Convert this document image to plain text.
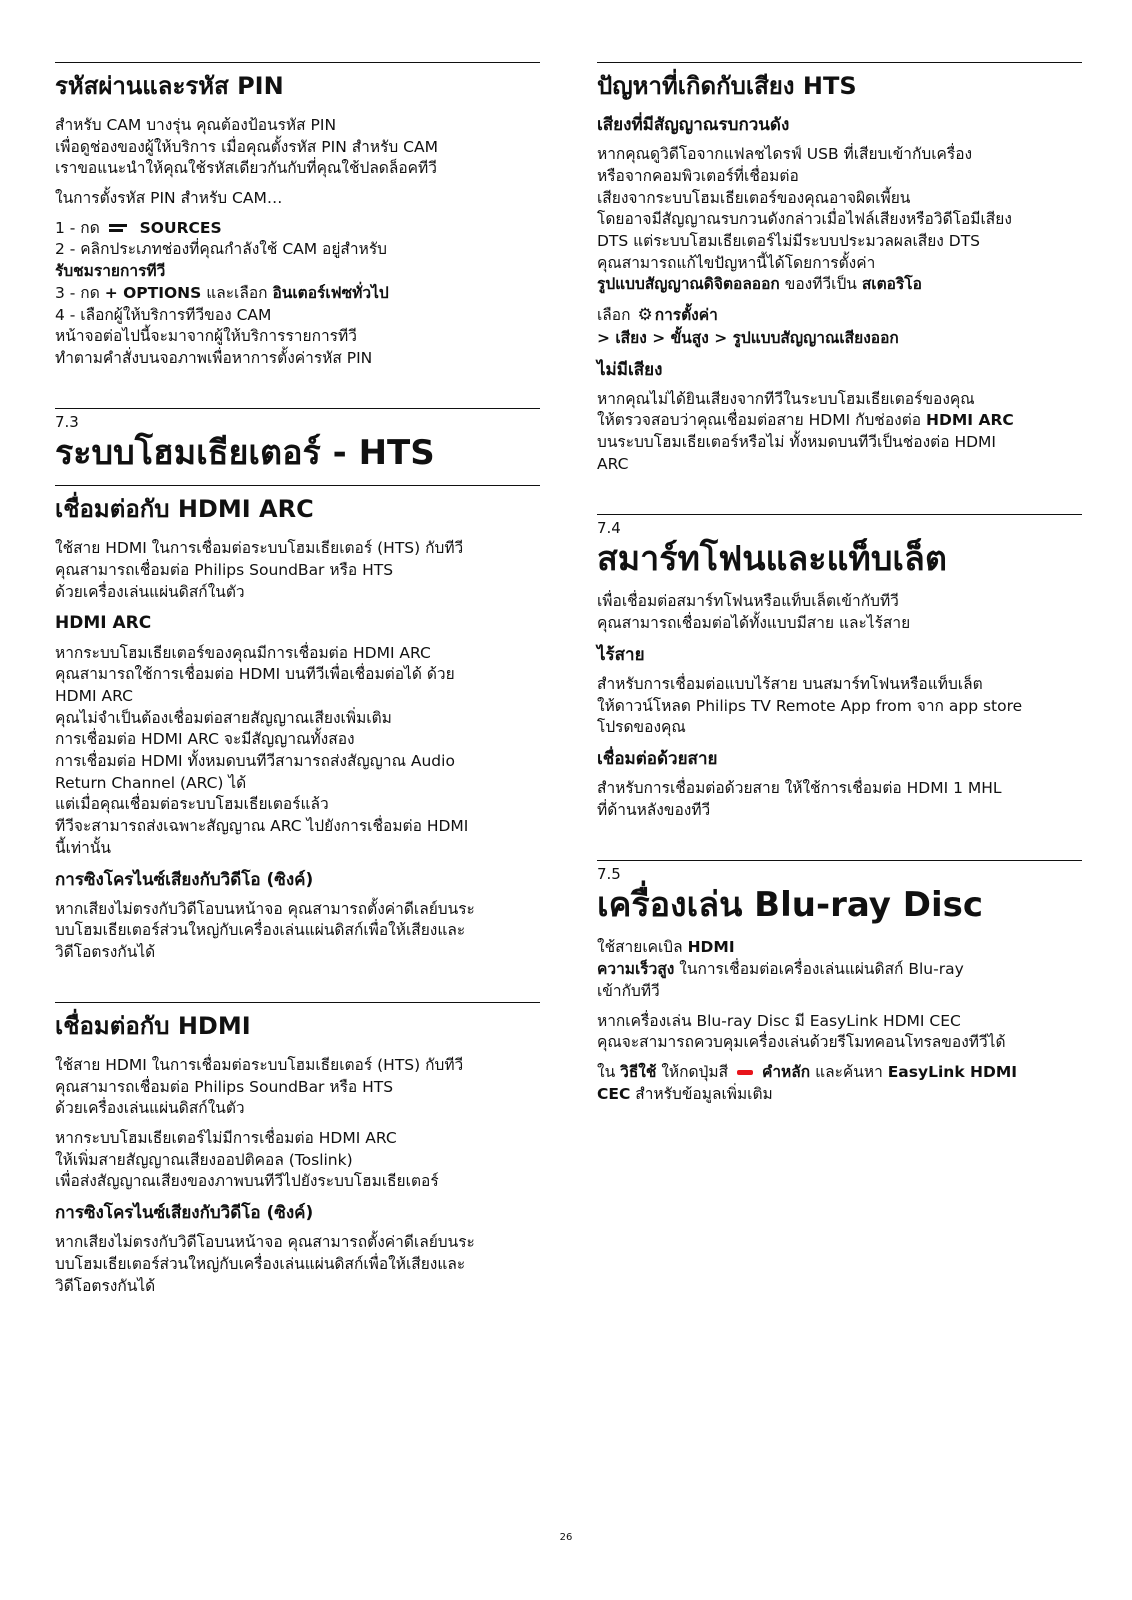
รหัสผ่านและรหัส PIN

สำหรับ CAM บางรุ่น คุณต้องป้อนรหัส PIN
เพื่อดูช่องของผู้ให้บริการ เมื่อคุณตั้งรหัส PIN สำหรับ CAM
เราขอแนะนำให้คุณใช้รหัสเดียวกันกับที่คุณใช้ปลดล็อคทีวี

ในการตั้งรหัส PIN สำหรับ CAM…

1 - กด	SOURCES
2 - คลิกประเภทช่องที่คุณกำลังใช้ CAM อยู่สำหรับ
รับชมรายการทีวี
3 - กด + OPTIONS และเลือก อินเตอร์เฟซทั่วไป
4 - เลือกผู้ให้บริการทีวีของ CAM
หน้าจอต่อไปนี้จะมาจากผู้ให้บริการรายการทีวี
ทำตามคำสั่งบนจอภาพเพื่อหาการตั้งค่ารหัส PIN

7.3
ระบบโฮมเธียเตอร์ - HTS
เชื่อมต่อกับ HDMI ARC

ใช้สาย HDMI ในการเชื่อมต่อระบบโฮมเธียเตอร์ (HTS) กับทีวี
คุณสามารถเชื่อมต่อ Philips SoundBar หรือ HTS
ด้วยเครื่องเล่นแผ่นดิสก์ในตัว

HDMI ARC

หากระบบโฮมเธียเตอร์ของคุณมีการเชื่อมต่อ HDMI ARC
คุณสามารถใช้การเชื่อมต่อ HDMI บนทีวีเพื่อเชื่อมต่อได้ ด้วย
HDMI ARC
คุณไม่จำเป็นต้องเชื่อมต่อสายสัญญาณเสียงเพิ่มเติม
การเชื่อมต่อ HDMI ARC จะมีสัญญาณทั้งสอง
การเชื่อมต่อ HDMI ทั้งหมดบนทีวีสามารถส่งสัญญาณ Audio
Return Channel (ARC) ได้
แต่เมื่อคุณเชื่อมต่อระบบโฮมเธียเตอร์แล้ว
ทีวีจะสามารถส่งเฉพาะสัญญาณ ARC ไปยังการเชื่อมต่อ HDMI
นี้เท่านั้น

การซิงโครไนซ์เสียงกับวิดีโอ (ซิงค์)

หากเสียงไม่ตรงกับวิดีโอบนหน้าจอ คุณสามารถตั้งค่าดีเลย์บนระ
บบโฮมเธียเตอร์ส่วนใหญ่กับเครื่องเล่นแผ่นดิสก์เพื่อให้เสียงและ
วิดีโอตรงกันได้

เชื่อมต่อกับ HDMI

ใช้สาย HDMI ในการเชื่อมต่อระบบโฮมเธียเตอร์ (HTS) กับทีวี
คุณสามารถเชื่อมต่อ Philips SoundBar หรือ HTS
ด้วยเครื่องเล่นแผ่นดิสก์ในตัว

หากระบบโฮมเธียเตอร์ไม่มีการเชื่อมต่อ HDMI ARC
ให้เพิ่มสายสัญญาณเสียงออปติคอล (Toslink)
เพื่อส่งสัญญาณเสียงของภาพบนทีวีไปยังระบบโฮมเธียเตอร์

การซิงโครไนซ์เสียงกับวิดีโอ (ซิงค์)

หากเสียงไม่ตรงกับวิดีโอบนหน้าจอ คุณสามารถตั้งค่าดีเลย์บนระ
บบโฮมเธียเตอร์ส่วนใหญ่กับเครื่องเล่นแผ่นดิสก์เพื่อให้เสียงและ
วิดีโอตรงกันได้

ปัญหาที่เกิดกับเสียง HTS
เสียงที่มีสัญญาณรบกวนดัง

หากคุณดูวิดีโอจากแฟลชไดรฟ์ USB ที่เสียบเข้ากับเครื่อง
หรือจากคอมพิวเตอร์ที่เชื่อมต่อ
เสียงจากระบบโฮมเธียเตอร์ของคุณอาจผิดเพี้ยน
โดยอาจมีสัญญาณรบกวนดังกล่าวเมื่อไฟล์เสียงหรือวิดีโอมีเสียง
DTS แต่ระบบโฮมเธียเตอร์ไม่มีระบบประมวลผลเสียง DTS
คุณสามารถแก้ไขปัญหานี้ได้โดยการตั้งค่า
รูปแบบสัญญาณดิจิตอลออก ของทีวีเป็น สเตอริโอ

เลือก ⚙ การตั้งค่า
> เสียง > ขั้นสูง > รูปแบบสัญญาณเสียงออก

ไม่มีเสียง

หากคุณไม่ได้ยินเสียงจากทีวีในระบบโฮมเธียเตอร์ของคุณ
ให้ตรวจสอบว่าคุณเชื่อมต่อสาย HDMI กับช่องต่อ HDMI ARC
บนระบบโฮมเธียเตอร์หรือไม่ ทั้งหมดบนทีวีเป็นช่องต่อ HDMI
ARC

7.4
สมาร์ทโฟนและแท็บเล็ต

เพื่อเชื่อมต่อสมาร์ทโฟนหรือแท็บเล็ตเข้ากับทีวี
คุณสามารถเชื่อมต่อได้ทั้งแบบมีสาย และไร้สาย

ไร้สาย

สำหรับการเชื่อมต่อแบบไร้สาย บนสมาร์ทโฟนหรือแท็บเล็ต
ให้ดาวน์โหลด Philips TV Remote App from จาก app store
โปรดของคุณ

เชื่อมต่อด้วยสาย

สำหรับการเชื่อมต่อด้วยสาย ให้ใช้การเชื่อมต่อ HDMI 1 MHL
ที่ด้านหลังของทีวี

7.5
เครื่องเล่น Blu-ray Disc

ใช้สายเคเบิล HDMI
ความเร็วสูง ในการเชื่อมต่อเครื่องเล่นแผ่นดิสก์ Blu-ray
เข้ากับทีวี

หากเครื่องเล่น Blu-ray Disc มี EasyLink HDMI CEC
คุณจะสามารถควบคุมเครื่องเล่นด้วยรีโมทคอนโทรลของทีวีได้

ใน วิธีใช้ ให้กดปุ่มสี คำหลัก และค้นหา EasyLink HDMI
CEC สำหรับข้อมูลเพิ่มเติม

26
